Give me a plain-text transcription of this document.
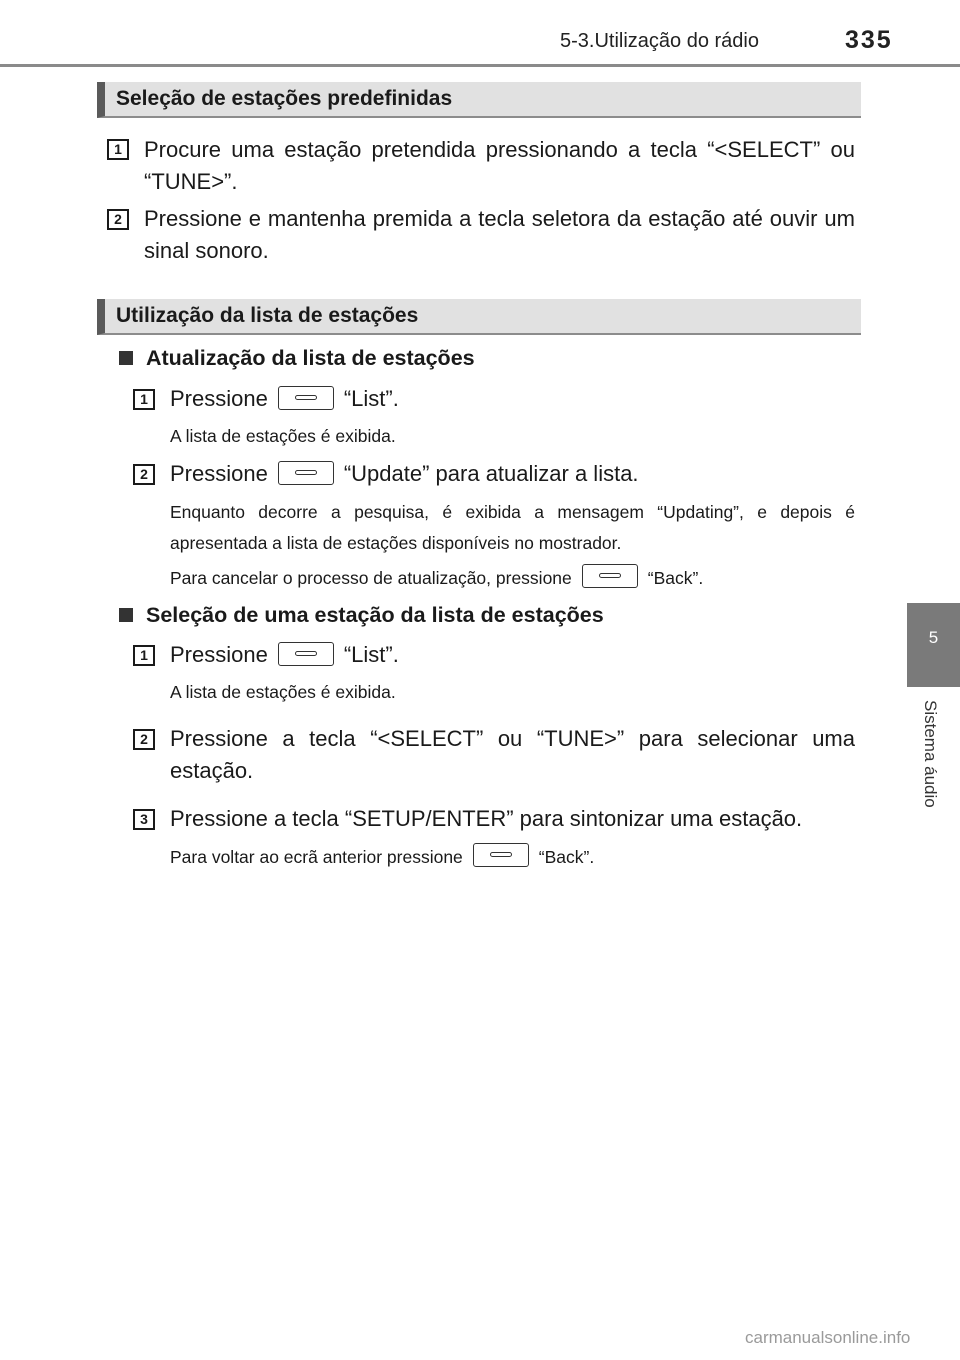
5-3.Utilização do rádio	335
5
Sistema áudio
Seleção de estações predefinidas
1	Procure uma estação pretendida pressionando a tecla “<SELECT” ou “TUNE>”.
2	Pressione e mantenha premida a tecla seletora da estação até ouvir um sinal sonoro.
Utilização da lista de estações
Atualização da lista de estações
1	Pressione	“List”.
A lista de estações é exibida.
2	Pressione	“Update” para atualizar a lista.
Enquanto decorre a pesquisa, é exibida a mensagem “Updating”, e depois é apresentada a lista de estações disponíveis no mostrador.
Para cancelar o processo de atualização, pressione	“Back”.
Seleção de uma estação da lista de estações
1	Pressione	“List”.
A lista de estações é exibida.
2	Pressione a tecla “<SELECT” ou “TUNE>” para selecionar uma estação.
3	Pressione a tecla “SETUP/ENTER” para sintonizar uma estação.
Para voltar ao ecrã anterior pressione	“Back”.
carmanualsonline.info
